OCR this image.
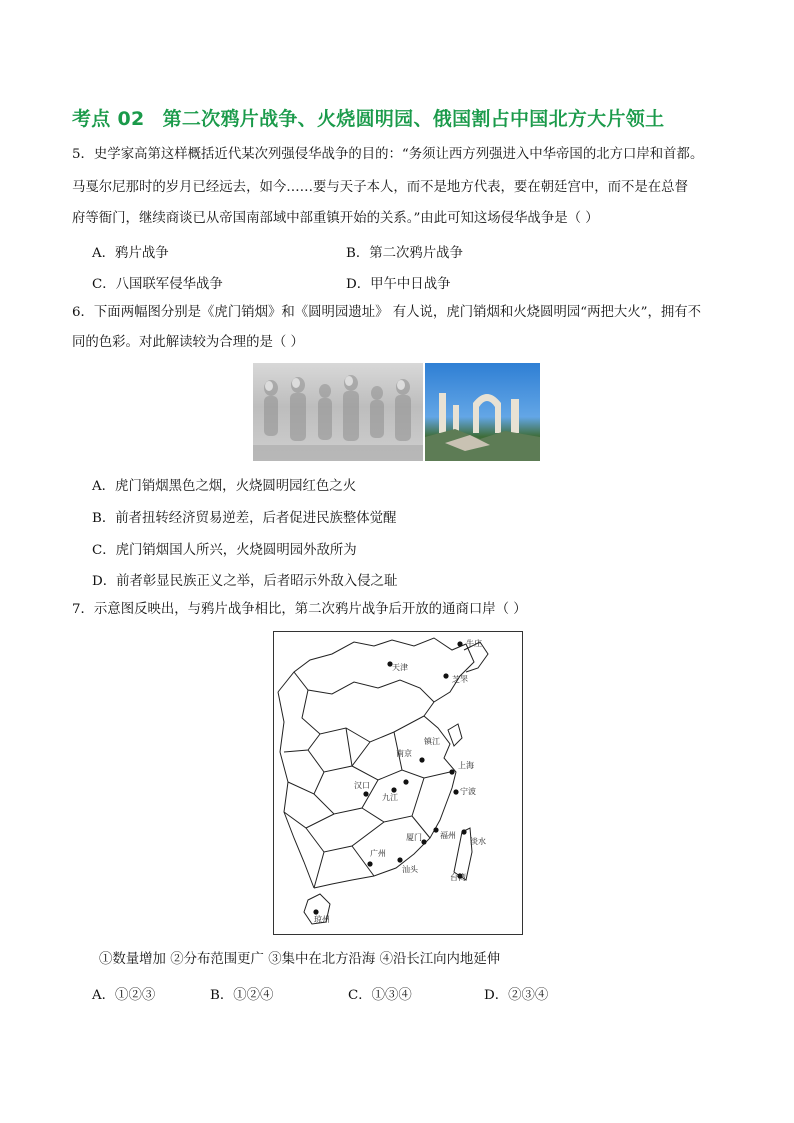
考点 02 第二次鸦片战争、火烧圆明园、俄国割占中国北方大片领土
5．史学家高第这样概括近代某次列强侵华战争的目的：“务须让西方列强进入中华帝国的北方口岸和首都。
马戛尔尼那时的岁月已经远去，如今……要与天子本人，而不是地方代表，要在朝廷宫中，而不是在总督
府等衙门，继续商谈已从帝国南部域中部重镇开始的关系。”由此可知这场侵华战争是（ ）
A．鸦片战争	B．第二次鸦片战争
C．八国联军侵华战争	D．甲午中日战争
6．下面两幅图分别是《虎门销烟》和《圆明园遗址》 有人说，虎门销烟和火烧圆明园“两把大火”，拥有不
同的色彩。对此解读较为合理的是（ ）
A．虎门销烟黑色之烟，火烧圆明园红色之火
B．前者扭转经济贸易逆差，后者促进民族整体觉醒
C．虎门销烟国人所兴，火烧圆明园外敌所为
D．前者彰显民族正义之举，后者昭示外敌入侵之耻
7．示意图反映出，与鸦片战争相比，第二次鸦片战争后开放的通商口岸（ ）
天津
牛庄
芝罘
镇江
南京
汉口
上海
九江
宁波
厦门 福州
淡水
广州
汕头
台湾
琼州
①数量增加 ②分布范围更广 ③集中在北方沿海 ④沿长江向内地延伸
A．①②③	B．①②④	C．①③④	D．②③④
